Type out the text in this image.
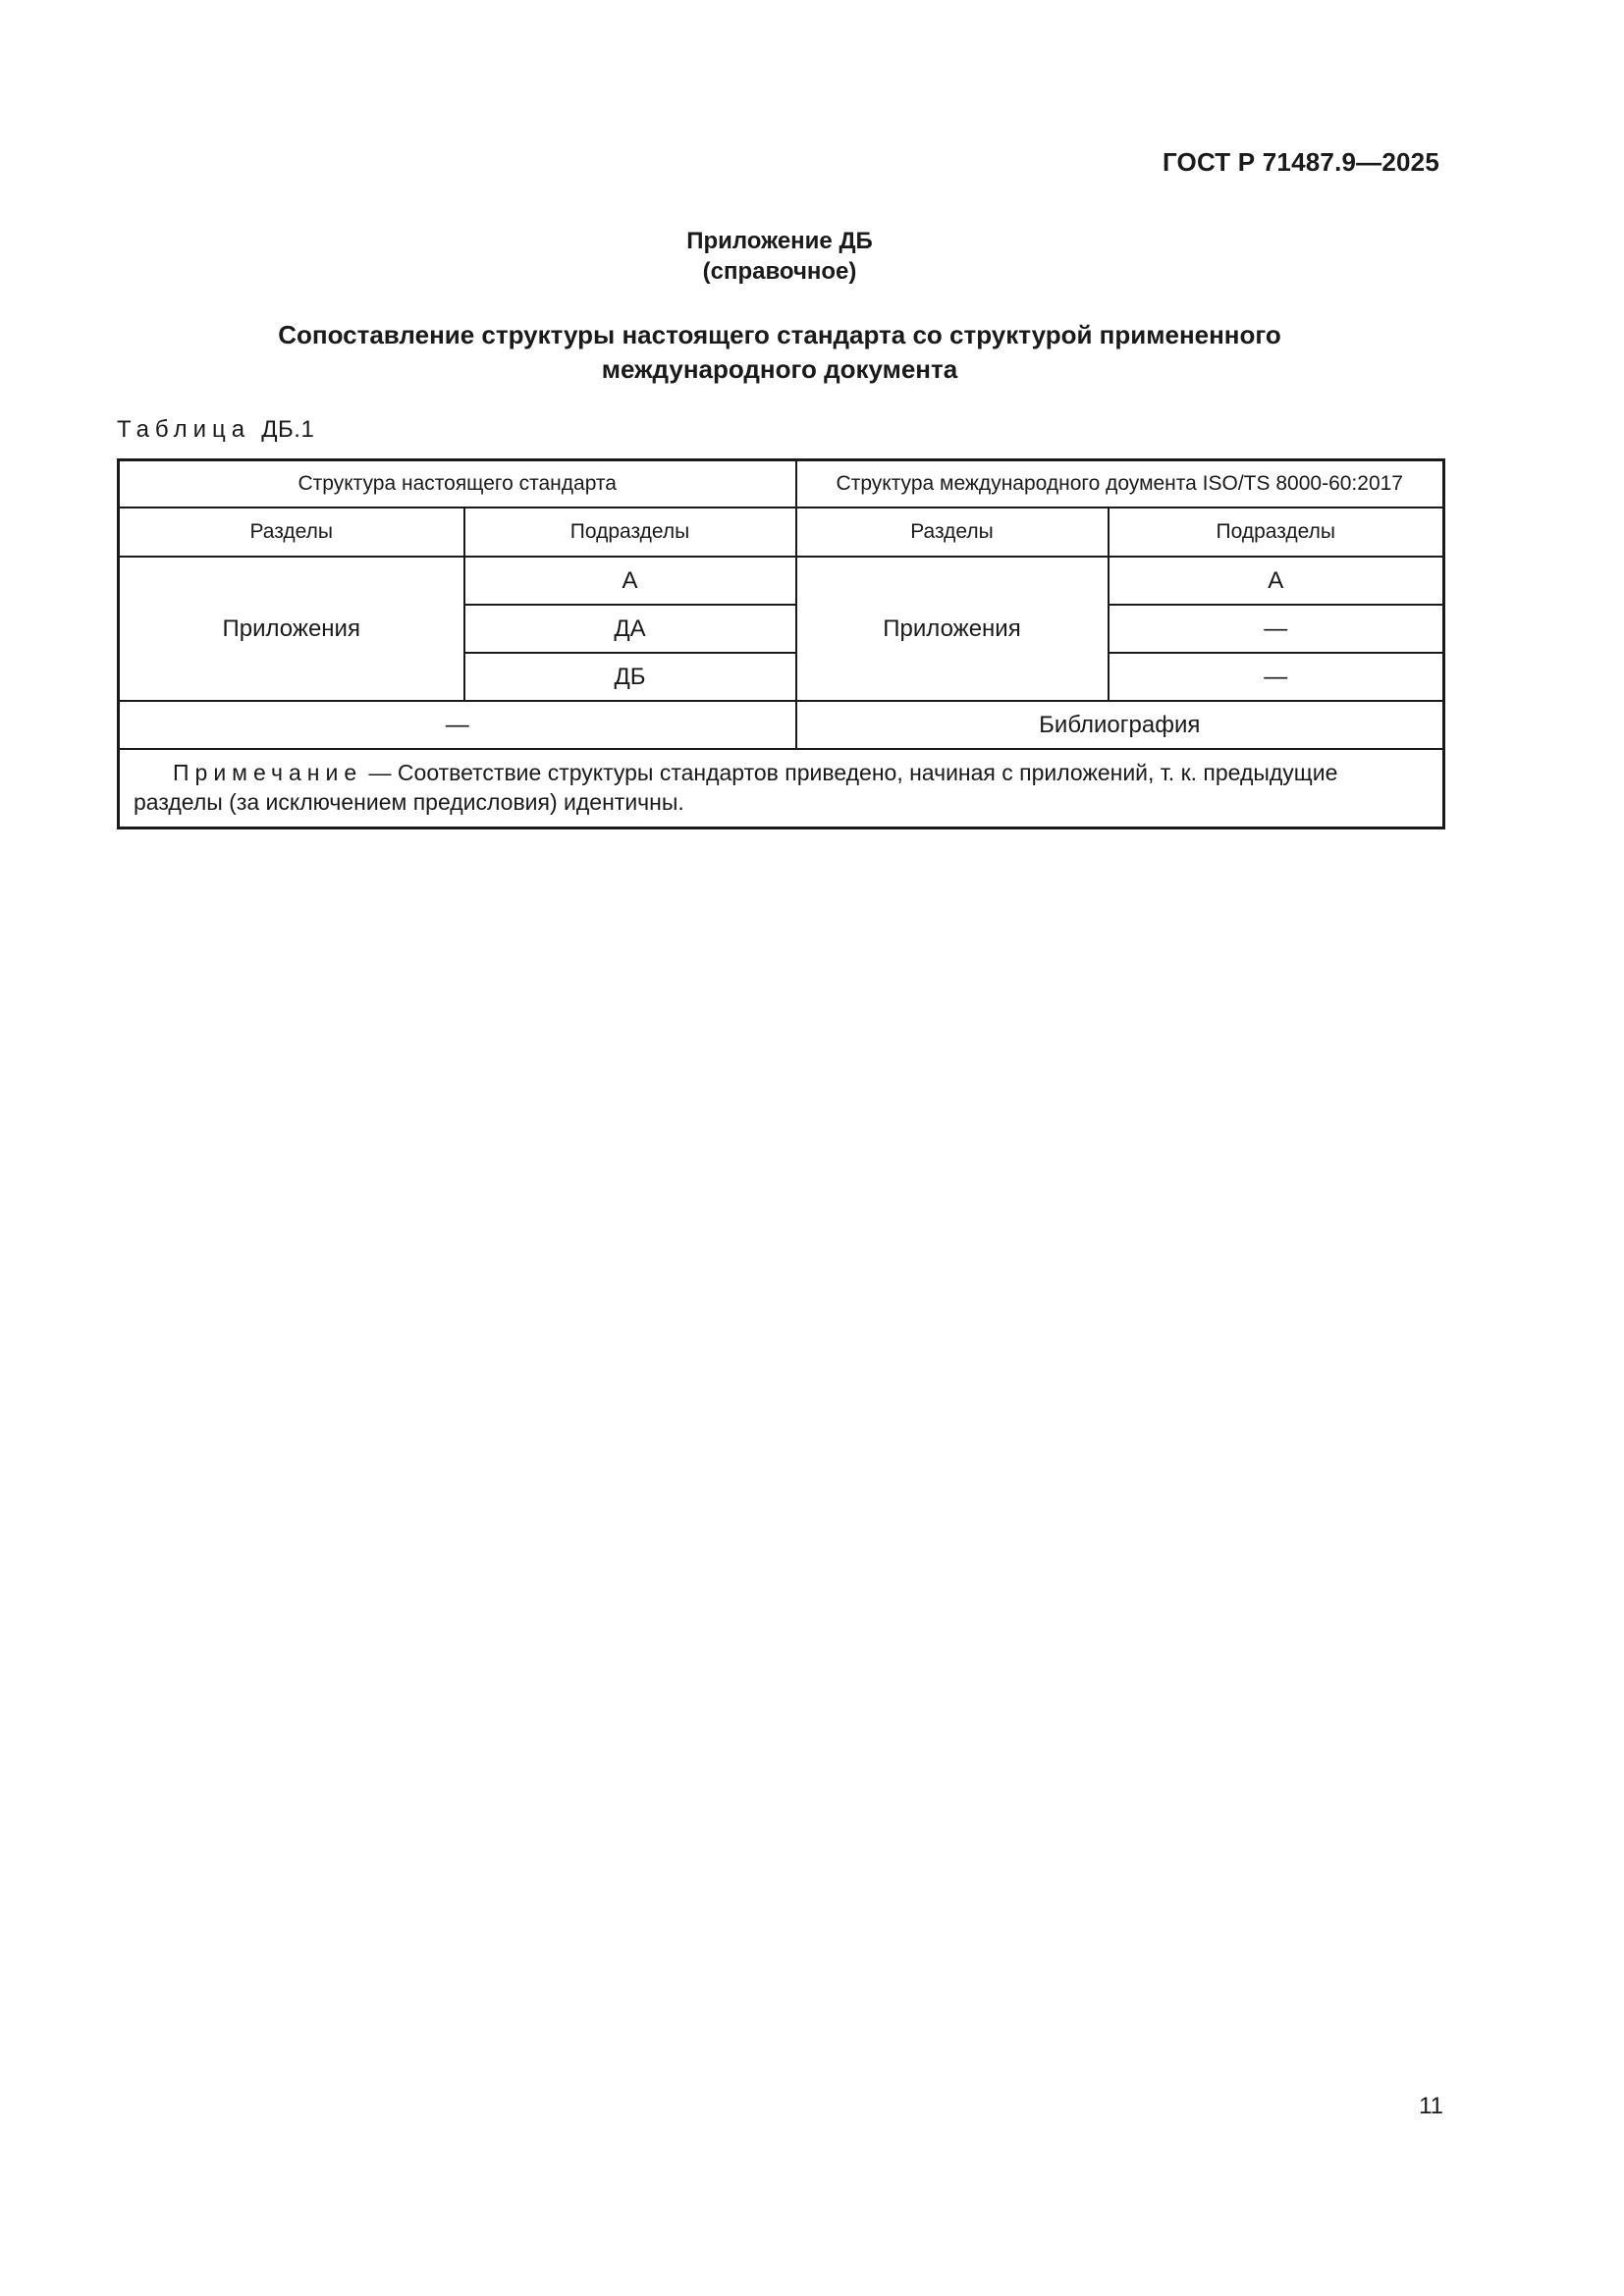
ГОСТ Р 71487.9—2025
Приложение ДБ
(справочное)
Сопоставление структуры настоящего стандарта со структурой примененного
международного документа
Таблица ДБ.1
Структура настоящего стандарта		Структура международного доумента ISO/TS 8000-60:2017	
Разделы	Подразделы	Разделы	Подразделы
Приложения	А	Приложения	А
	ДА		—
	ДБ		—
—		Библиография	
Примечание — Соответствие структуры стандартов приведено, начиная с приложений, т. к. предыдущие разделы (за исключением предисловия) идентичны.			
11
